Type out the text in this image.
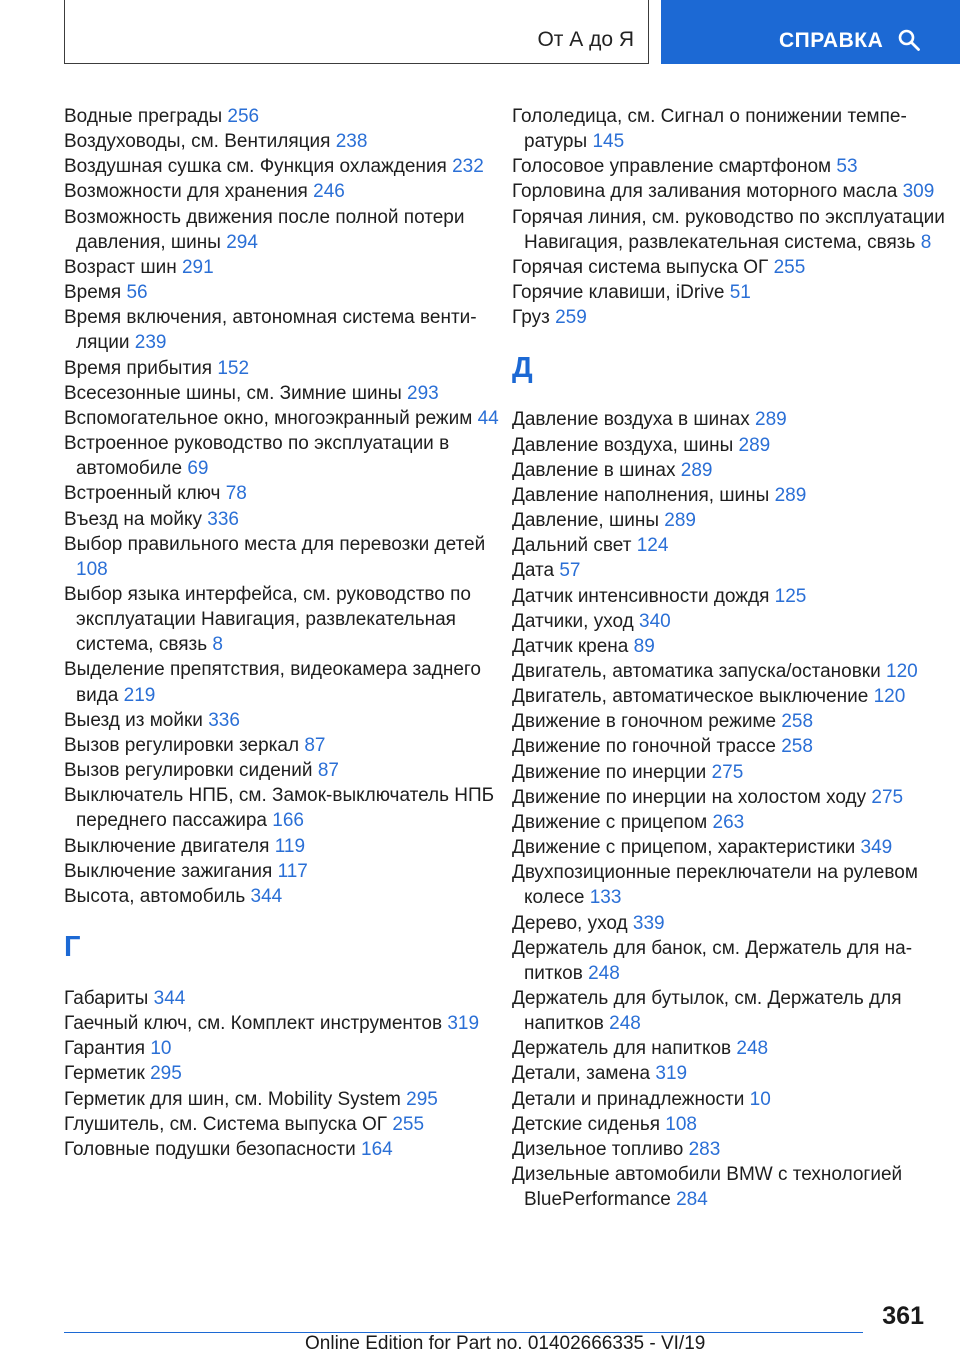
От А до Я	СПРАВКА
Водные преграды 256
Воздуховоды, см. Вентиляция 238
Воздушная сушка см. Функция охлаждения 232
Возможности для хранения 246
Возможность движения после полной потери давления, шины 294
Возраст шин 291
Время 56
Время включения, автономная система вентиляции 239
Время прибытия 152
Всесезонные шины, см. Зимние шины 293
Вспомогательное окно, многоэкранный режим 44
Встроенное руководство по эксплуатации в автомобиле 69
Встроенный ключ 78
Въезд на мойку 336
Выбор правильного места для перевозки детей 108
Выбор языка интерфейса, см. руководство по эксплуатации Навигация, развлекательная система, связь 8
Выделение препятствия, видеокамера заднего вида 219
Выезд из мойки 336
Вызов регулировки зеркал 87
Вызов регулировки сидений 87
Выключатель НПБ, см. Замок-выключатель НПБ переднего пассажира 166
Выключение двигателя 119
Выключение зажигания 117
Высота, автомобиль 344
Г
Габариты 344
Гаечный ключ, см. Комплект инструментов 319
Гарантия 10
Герметик 295
Герметик для шин, см. Mobility System 295
Глушитель, см. Система выпуска ОГ 255
Головные подушки безопасности 164
Гололедица, см. Сигнал о понижении температуры 145
Голосовое управление смартфоном 53
Горловина для заливания моторного масла 309
Горячая линия, см. руководство по эксплуатации Навигация, развлекательная система, связь 8
Горячая система выпуска ОГ 255
Горячие клавиши, iDrive 51
Груз 259
Д
Давление воздуха в шинах 289
Давление воздуха, шины 289
Давление в шинах 289
Давление наполнения, шины 289
Давление, шины 289
Дальний свет 124
Дата 57
Датчик интенсивности дождя 125
Датчики, уход 340
Датчик крена 89
Двигатель, автоматика запуска/остановки 120
Двигатель, автоматическое выключение 120
Движение в гоночном режиме 258
Движение по гоночной трассе 258
Движение по инерции 275
Движение по инерции на холостом ходу 275
Движение с прицепом 263
Движение с прицепом, характеристики 349
Двухпозиционные переключатели на рулевом колесе 133
Дерево, уход 339
Держатель для банок, см. Держатель для напитков 248
Держатель для бутылок, см. Держатель для напитков 248
Держатель для напитков 248
Детали, замена 319
Детали и принадлежности 10
Детские сиденья 108
Дизельное топливо 283
Дизельные автомобили BMW с технологией BluePerformance 284
361
Online Edition for Part no. 01402666335 - VI/19
